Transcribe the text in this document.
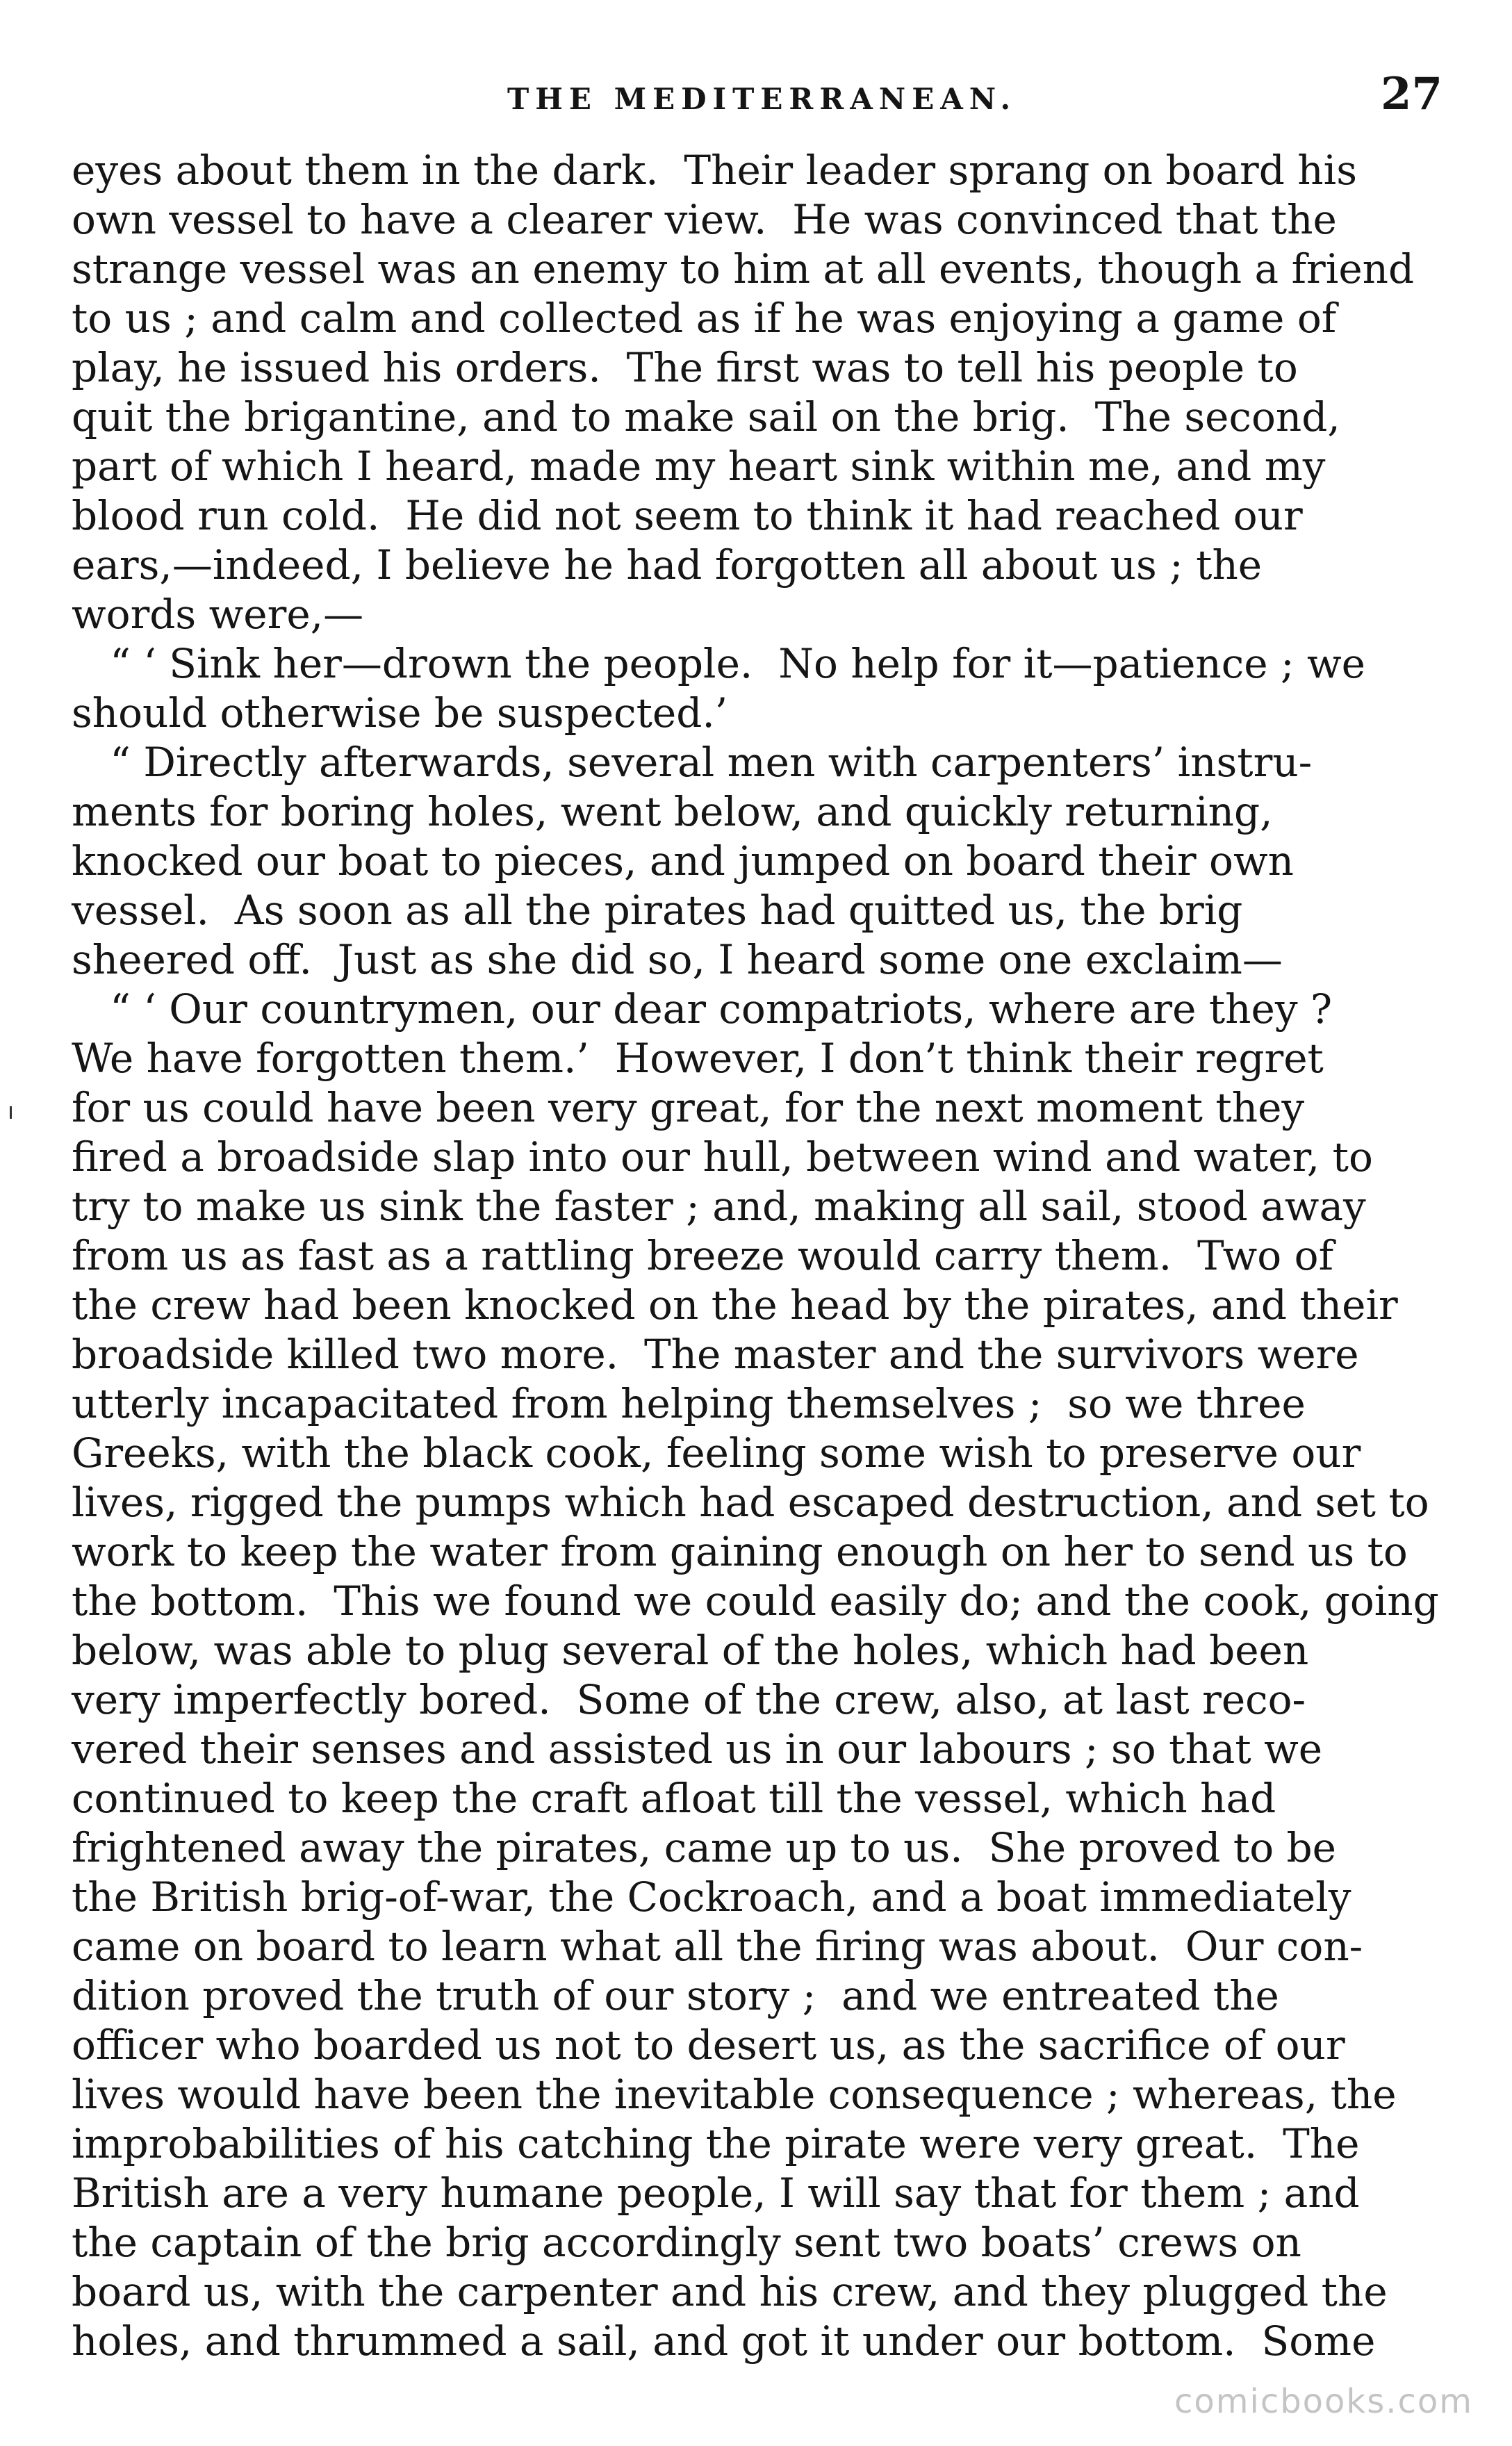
THE MEDITERRANEAN.	27
eyes about them in the dark.  Their leader sprang on board his
own vessel to have a clearer view.  He was convinced that the
strange vessel was an enemy to him at all events, though a friend
to us ; and calm and collected as if he was enjoying a game of
play, he issued his orders.  The first was to tell his people to
quit the brigantine, and to make sail on the brig.  The second,
part of which I heard, made my heart sink within me, and my
blood run cold.  He did not seem to think it had reached our
ears,—indeed, I believe he had forgotten all about us ; the
words were,—
“ ‘ Sink her—drown the people.  No help for it—patience ; we
should otherwise be suspected.’
“ Directly afterwards, several men with carpenters’ instru-
ments for boring holes, went below, and quickly returning,
knocked our boat to pieces, and jumped on board their own
vessel.  As soon as all the pirates had quitted us, the brig
sheered off.  Just as she did so, I heard some one exclaim—
“ ‘ Our countrymen, our dear compatriots, where are they ?
We have forgotten them.’  However, I don’t think their regret
for us could have been very great, for the next moment they
fired a broadside slap into our hull, between wind and water, to
try to make us sink the faster ; and, making all sail, stood away
from us as fast as a rattling breeze would carry them.  Two of
the crew had been knocked on the head by the pirates, and their
broadside killed two more.  The master and the survivors were
utterly incapacitated from helping themselves ;  so we three
Greeks, with the black cook, feeling some wish to preserve our
lives, rigged the pumps which had escaped destruction, and set to
work to keep the water from gaining enough on her to send us to
the bottom.  This we found we could easily do; and the cook, going
below, was able to plug several of the holes, which had been
very imperfectly bored.  Some of the crew, also, at last reco-
vered their senses and assisted us in our labours ; so that we
continued to keep the craft afloat till the vessel, which had
frightened away the pirates, came up to us.  She proved to be
the British brig-of-war, the Cockroach, and a boat immediately
came on board to learn what all the firing was about.  Our con-
dition proved the truth of our story ;  and we entreated the
officer who boarded us not to desert us, as the sacrifice of our
lives would have been the inevitable consequence ; whereas, the
improbabilities of his catching the pirate were very great.  The
British are a very humane people, I will say that for them ; and
the captain of the brig accordingly sent two boats’ crews on
board us, with the carpenter and his crew, and they plugged the
holes, and thrummed a sail, and got it under our bottom.  Some
comicbooks.com
